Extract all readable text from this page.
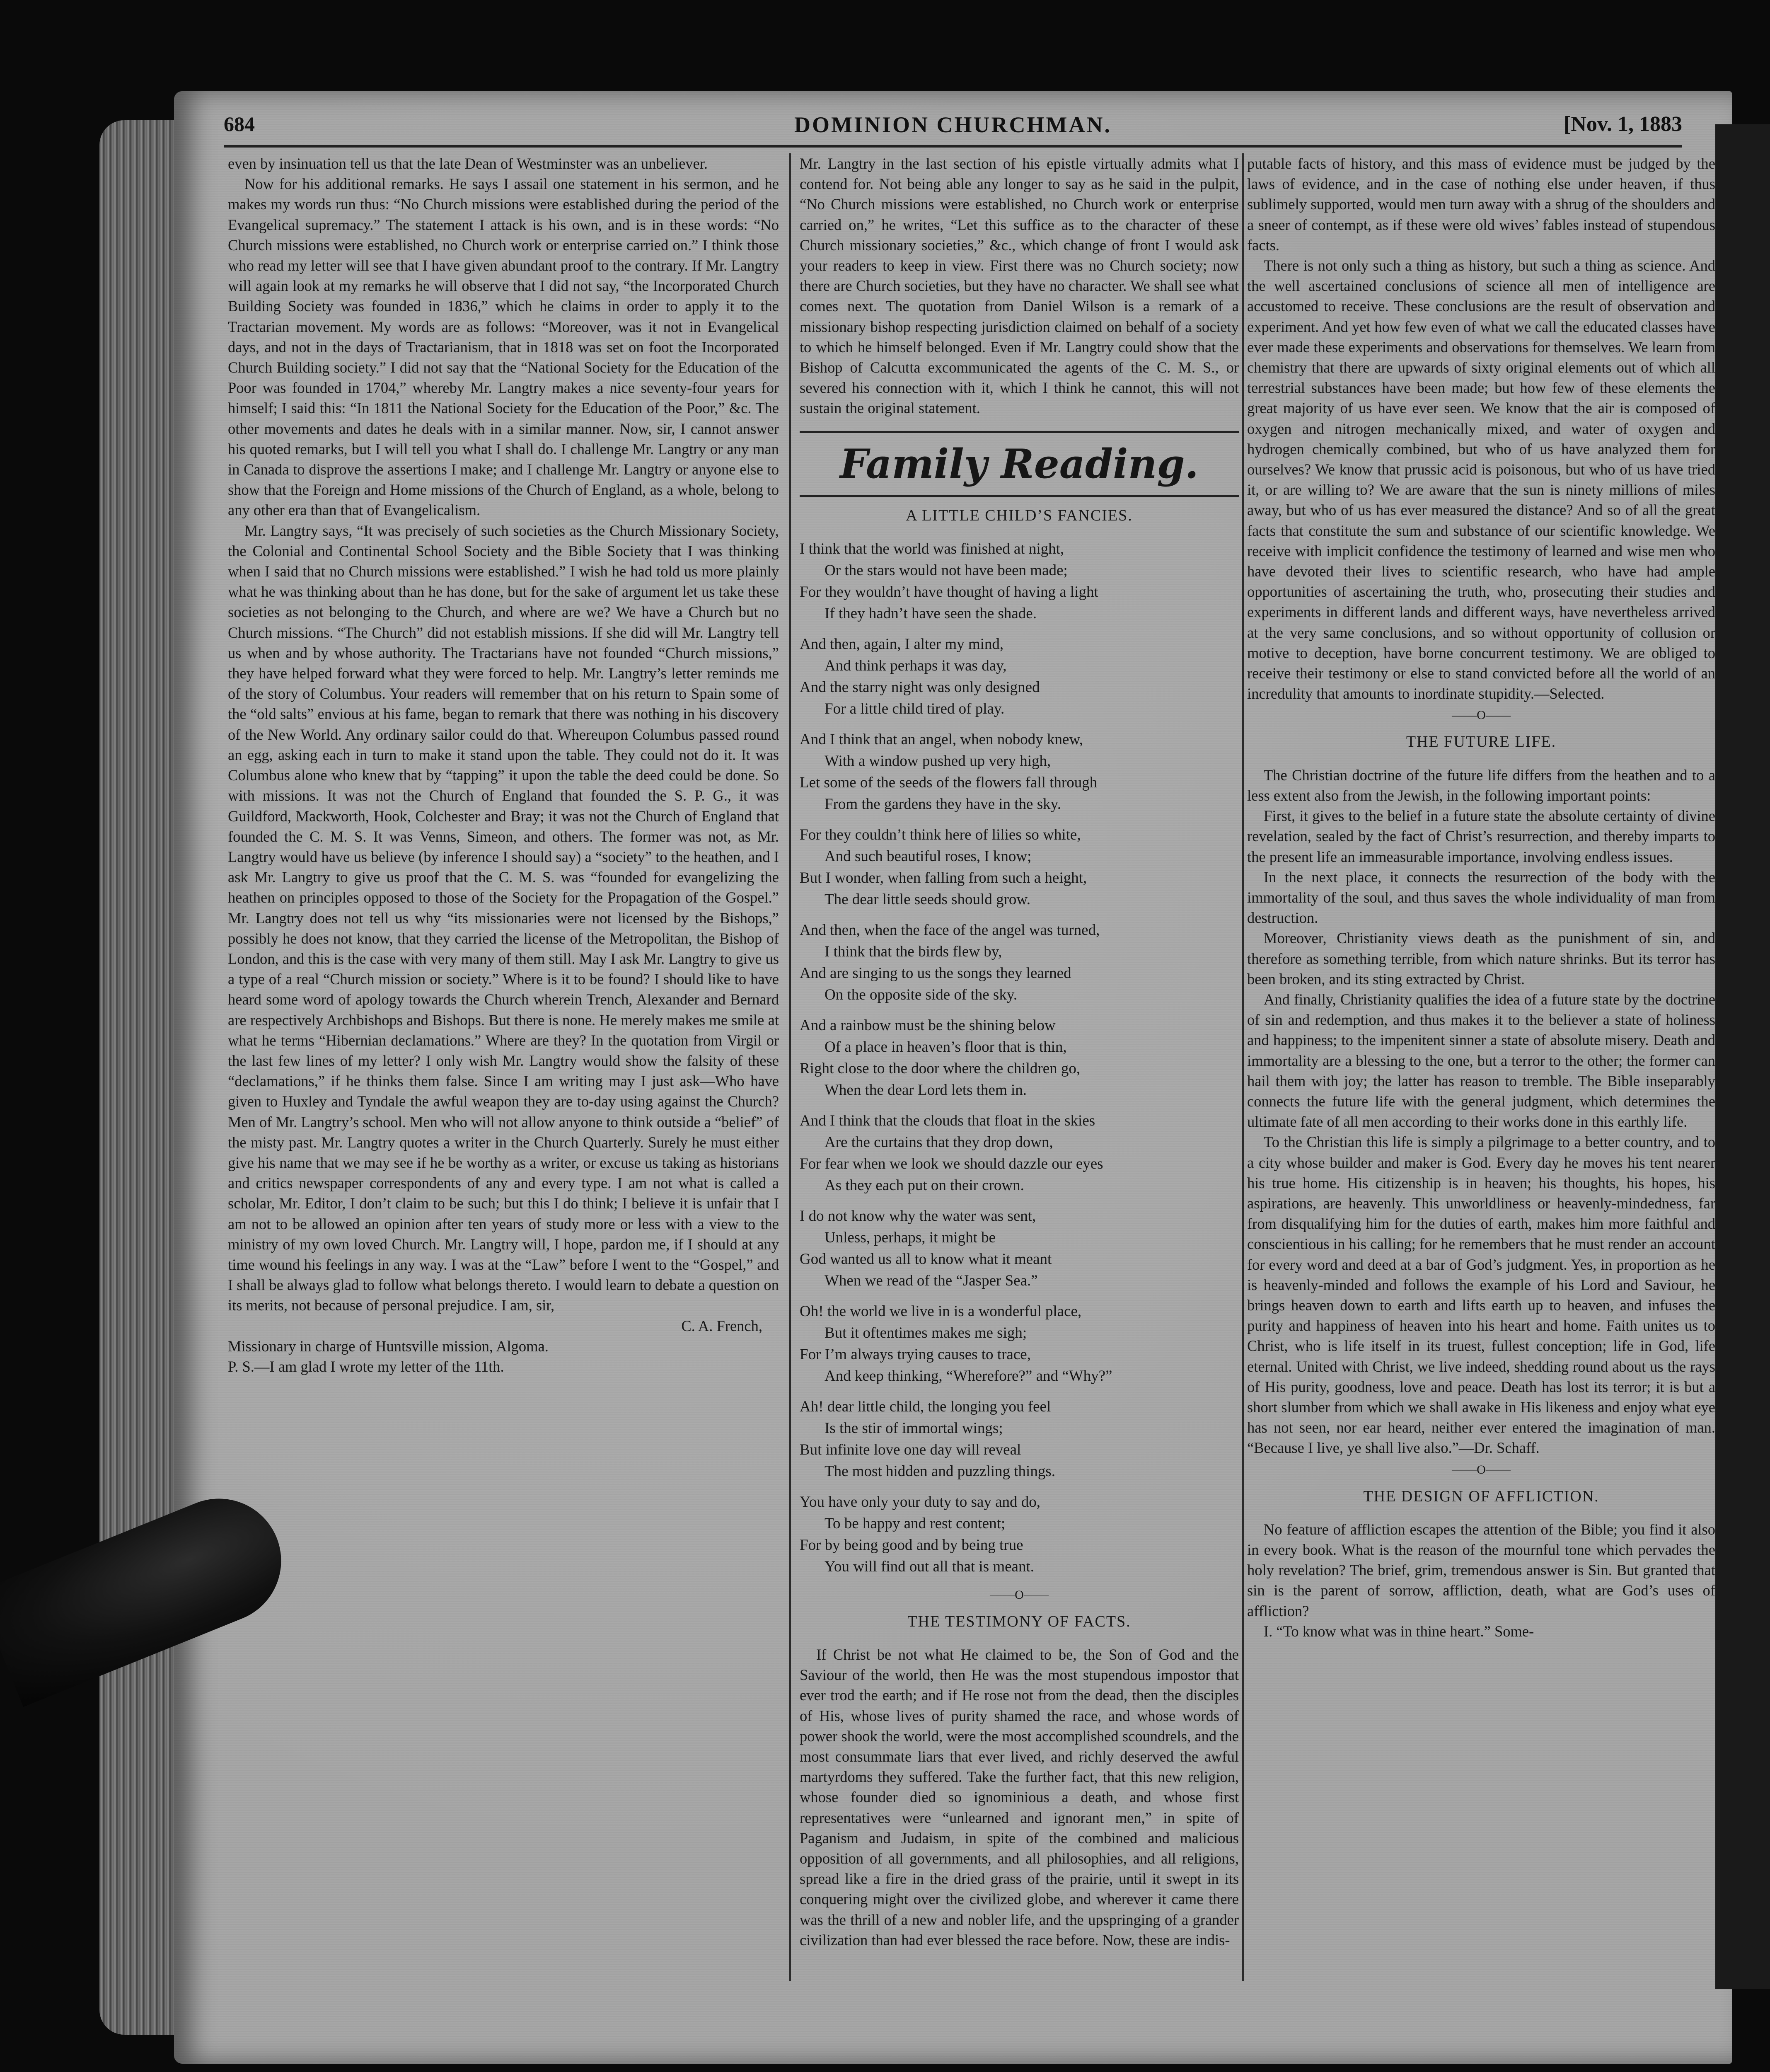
684	DOMINION CHURCHMAN.	[Nov. 1, 1883

even by insinuation tell us that the late Dean of Westminster was an unbeliever.

Now for his additional remarks. He says I assail one statement in his sermon, and he makes my words run thus: “No Church missions were established during the period of the Evangelical supremacy.” The statement I attack is his own, and is in these words: “No Church missions were established, no Church work or enterprise carried on.” I think those who read my letter will see that I have given abundant proof to the contrary. If Mr. Langtry will again look at my remarks he will observe that I did not say, “the Incorporated Church Building Society was founded in 1836,” which he claims in order to apply it to the Tractarian movement. My words are as follows: “Moreover, was it not in Evangelical days, and not in the days of Tractarianism, that in 1818 was set on foot the Incorporated Church Building society.” I did not say that the “National Society for the Education of the Poor was founded in 1704,” whereby Mr. Langtry makes a nice seventy-four years for himself; I said this: “In 1811 the National Society for the Education of the Poor,” &c. The other movements and dates he deals with in a similar manner. Now, sir, I cannot answer his quoted remarks, but I will tell you what I shall do. I challenge Mr. Langtry or any man in Canada to disprove the assertions I make; and I challenge Mr. Langtry or anyone else to show that the Foreign and Home missions of the Church of England, as a whole, belong to any other era than that of Evangelicalism.

Mr. Langtry says, “It was precisely of such societies as the Church Missionary Society, the Colonial and Continental School Society and the Bible Society that I was thinking when I said that no Church missions were established.” I wish he had told us more plainly what he was thinking about than he has done, but for the sake of argument let us take these societies as not belonging to the Church, and where are we? We have a Church but no Church missions. “The Church” did not establish missions. If she did will Mr. Langtry tell us when and by whose authority. The Tractarians have not founded “Church missions,” they have helped forward what they were forced to help. Mr. Langtry’s letter reminds me of the story of Columbus. Your readers will remember that on his return to Spain some of the “old salts” envious at his fame, began to remark that there was nothing in his discovery of the New World. Any ordinary sailor could do that. Whereupon Columbus passed round an egg, asking each in turn to make it stand upon the table. They could not do it. It was Columbus alone who knew that by “tapping” it upon the table the deed could be done. So with missions. It was not the Church of England that founded the S. P. G., it was Guildford, Mackworth, Hook, Colchester and Bray; it was not the Church of England that founded the C. M. S. It was Venns, Simeon, and others. The former was not, as Mr. Langtry would have us believe (by inference I should say) a “society” to the heathen, and I ask Mr. Langtry to give us proof that the C. M. S. was “founded for evangelizing the heathen on principles opposed to those of the Society for the Propagation of the Gospel.” Mr. Langtry does not tell us why “its missionaries were not licensed by the Bishops,” possibly he does not know, that they carried the license of the Metropolitan, the Bishop of London, and this is the case with very many of them still. May I ask Mr. Langtry to give us a type of a real “Church mission or society.” Where is it to be found? I should like to have heard some word of apology towards the Church wherein Trench, Alexander and Bernard are respectively Archbishops and Bishops. But there is none. He merely makes me smile at what he terms “Hibernian declamations.” Where are they? In the quotation from Virgil or the last few lines of my letter? I only wish Mr. Langtry would show the falsity of these “declamations,” if he thinks them false. Since I am writing may I just ask—Who have given to Huxley and Tyndale the awful weapon they are to-day using against the Church? Men of Mr. Langtry’s school. Men who will not allow anyone to think outside a “belief” of the misty past. Mr. Langtry quotes a writer in the Church Quarterly. Surely he must either give his name that we may see if he be worthy as a writer, or excuse us taking as historians and critics newspaper correspondents of any and every type. I am not what is called a scholar, Mr. Editor, I don’t claim to be such; but this I do think; I believe it is unfair that I am not to be allowed an opinion after ten years of study more or less with a view to the ministry of my own loved Church. Mr. Langtry will, I hope, pardon me, if I should at any time wound his feelings in any way. I was at the “Law” before I went to the “Gospel,” and I shall be always glad to follow what belongs thereto. I would learn to debate a question on its merits, not because of personal prejudice. I am, sir,

C. A. French,

Missionary in charge of Huntsville mission, Algoma.

P. S.—I am glad I wrote my letter of the 11th.

Mr. Langtry in the last section of his epistle virtually admits what I contend for. Not being able any longer to say as he said in the pulpit, “No Church missions were established, no Church work or enterprise carried on,” he writes, “Let this suffice as to the character of these Church missionary societies,” &c., which change of front I would ask your readers to keep in view. First there was no Church society; now there are Church societies, but they have no character. We shall see what comes next. The quotation from Daniel Wilson is a remark of a missionary bishop respecting jurisdiction claimed on behalf of a society to which he himself belonged. Even if Mr. Langtry could show that the Bishop of Calcutta excommunicated the agents of the C. M. S., or severed his connection with it, which I think he cannot, this will not sustain the original statement.

Family Reading.
A LITTLE CHILD’S FANCIES.
I think that the world was finished at night,
Or the stars would not have been made;
For they wouldn’t have thought of having a light
If they hadn’t have seen the shade.
And then, again, I alter my mind,
And think perhaps it was day,
And the starry night was only designed
For a little child tired of play.
And I think that an angel, when nobody knew,
With a window pushed up very high,
Let some of the seeds of the flowers fall through
From the gardens they have in the sky.
For they couldn’t think here of lilies so white,
And such beautiful roses, I know;
But I wonder, when falling from such a height,
The dear little seeds should grow.
And then, when the face of the angel was turned,
I think that the birds flew by,
And are singing to us the songs they learned
On the opposite side of the sky.
And a rainbow must be the shining below
Of a place in heaven’s floor that is thin,
Right close to the door where the children go,
When the dear Lord lets them in.
And I think that the clouds that float in the skies
Are the curtains that they drop down,
For fear when we look we should dazzle our eyes
As they each put on their crown.
I do not know why the water was sent,
Unless, perhaps, it might be
God wanted us all to know what it meant
When we read of the “Jasper Sea.”
Oh! the world we live in is a wonderful place,
But it oftentimes makes me sigh;
For I’m always trying causes to trace,
And keep thinking, “Wherefore?” and “Why?”
Ah! dear little child, the longing you feel
Is the stir of immortal wings;
But infinite love one day will reveal
The most hidden and puzzling things.
You have only your duty to say and do,
To be happy and rest content;
For by being good and by being true
You will find out all that is meant.
——O——
THE TESTIMONY OF FACTS.

If Christ be not what He claimed to be, the Son of God and the Saviour of the world, then He was the most stupendous impostor that ever trod the earth; and if He rose not from the dead, then the disciples of His, whose lives of purity shamed the race, and whose words of power shook the world, were the most accomplished scoundrels, and the most consummate liars that ever lived, and richly deserved the awful martyrdoms they suffered. Take the further fact, that this new religion, whose founder died so ignominious a death, and whose first representatives were “unlearned and ignorant men,” in spite of Paganism and Judaism, in spite of the combined and malicious opposition of all governments, and all philosophies, and all religions, spread like a fire in the dried grass of the prairie, until it swept in its conquering might over the civilized globe, and wherever it came there was the thrill of a new and nobler life, and the upspringing of a grander civilization than had ever blessed the race before. Now, these are indis-

putable facts of history, and this mass of evidence must be judged by the laws of evidence, and in the case of nothing else under heaven, if thus sublimely supported, would men turn away with a shrug of the shoulders and a sneer of contempt, as if these were old wives’ fables instead of stupendous facts.

There is not only such a thing as history, but such a thing as science. And the well ascertained conclusions of science all men of intelligence are accustomed to receive. These conclusions are the result of observation and experiment. And yet how few even of what we call the educated classes have ever made these experiments and observations for themselves. We learn from chemistry that there are upwards of sixty original elements out of which all terrestrial substances have been made; but how few of these elements the great majority of us have ever seen. We know that the air is composed of oxygen and nitrogen mechanically mixed, and water of oxygen and hydrogen chemically combined, but who of us have analyzed them for ourselves? We know that prussic acid is poisonous, but who of us have tried it, or are willing to? We are aware that the sun is ninety millions of miles away, but who of us has ever measured the distance? And so of all the great facts that constitute the sum and substance of our scientific knowledge. We receive with implicit confidence the testimony of learned and wise men who have devoted their lives to scientific research, who have had ample opportunities of ascertaining the truth, who, prosecuting their studies and experiments in different lands and different ways, have nevertheless arrived at the very same conclusions, and so without opportunity of collusion or motive to deception, have borne concurrent testimony. We are obliged to receive their testimony or else to stand convicted before all the world of an incredulity that amounts to inordinate stupidity.—Selected.

——O——
THE FUTURE LIFE.

The Christian doctrine of the future life differs from the heathen and to a less extent also from the Jewish, in the following important points:

First, it gives to the belief in a future state the absolute certainty of divine revelation, sealed by the fact of Christ’s resurrection, and thereby imparts to the present life an immeasurable importance, involving endless issues.

In the next place, it connects the resurrection of the body with the immortality of the soul, and thus saves the whole individuality of man from destruction.

Moreover, Christianity views death as the punishment of sin, and therefore as something terrible, from which nature shrinks. But its terror has been broken, and its sting extracted by Christ.

And finally, Christianity qualifies the idea of a future state by the doctrine of sin and redemption, and thus makes it to the believer a state of holiness and happiness; to the impenitent sinner a state of absolute misery. Death and immortality are a blessing to the one, but a terror to the other; the former can hail them with joy; the latter has reason to tremble. The Bible inseparably connects the future life with the general judgment, which determines the ultimate fate of all men according to their works done in this earthly life.

To the Christian this life is simply a pilgrimage to a better country, and to a city whose builder and maker is God. Every day he moves his tent nearer his true home. His citizenship is in heaven; his thoughts, his hopes, his aspirations, are heavenly. This unworldliness or heavenly-mindedness, far from disqualifying him for the duties of earth, makes him more faithful and conscientious in his calling; for he remembers that he must render an account for every word and deed at a bar of God’s judgment. Yes, in proportion as he is heavenly-minded and follows the example of his Lord and Saviour, he brings heaven down to earth and lifts earth up to heaven, and infuses the purity and happiness of heaven into his heart and home. Faith unites us to Christ, who is life itself in its truest, fullest conception; life in God, life eternal. United with Christ, we live indeed, shedding round about us the rays of His purity, goodness, love and peace. Death has lost its terror; it is but a short slumber from which we shall awake in His likeness and enjoy what eye has not seen, nor ear heard, neither ever entered the imagination of man. “Because I live, ye shall live also.”—Dr. Schaff.

——O——
THE DESIGN OF AFFLICTION.

No feature of affliction escapes the attention of the Bible; you find it also in every book. What is the reason of the mournful tone which pervades the holy revelation? The brief, grim, tremendous answer is Sin. But granted that sin is the parent of sorrow, affliction, death, what are God’s uses of affliction?

I. “To know what was in thine heart.” Some-
